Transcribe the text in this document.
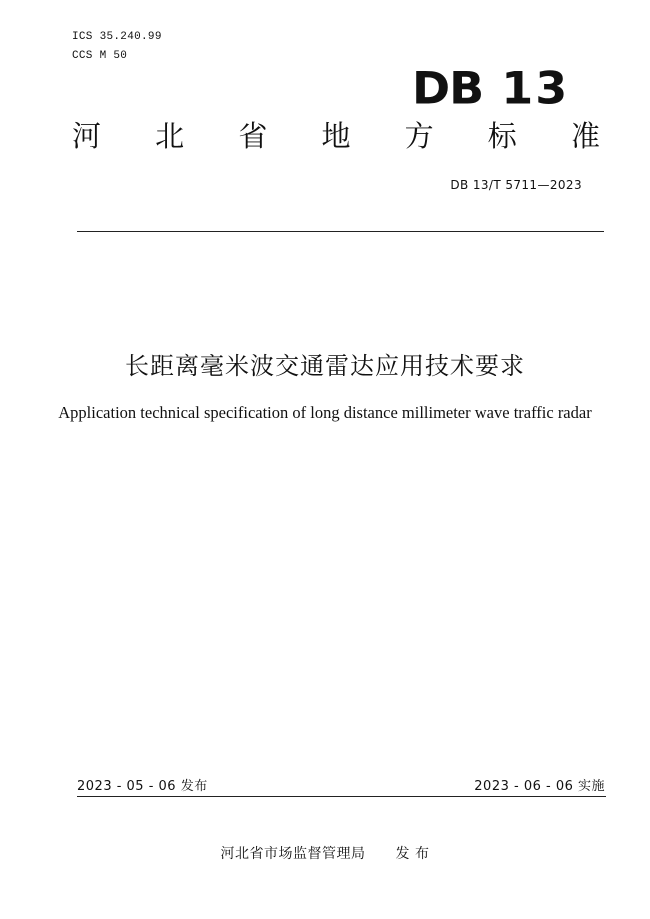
ICS 35.240.99
CCS M 50
DB 13
河 北 省 地 方 标 准
DB 13/T 5711—2023
长距离毫米波交通雷达应用技术要求
Application technical specification of long distance millimeter wave traffic radar
2023 - 05 - 06 发布	2023 - 06 - 06 实施
河北省市场监督管理局 发 布
